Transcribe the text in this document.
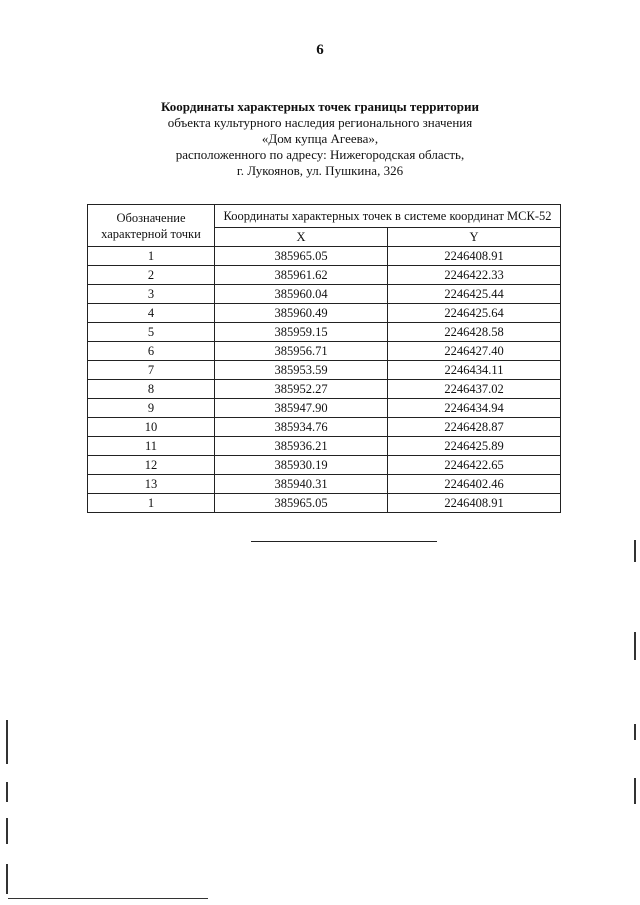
6
Координаты характерных точек границы территории
объекта культурного наследия регионального значения
«Дом купца Агеева»,
расположенного по адресу: Нижегородская область,
г. Лукоянов, ул. Пушкина, 326
Обозначение характерной точки	Координаты характерных точек в системе координат МСК-52	
	X	Y
1	385965.05	2246408.91
2	385961.62	2246422.33
3	385960.04	2246425.44
4	385960.49	2246425.64
5	385959.15	2246428.58
6	385956.71	2246427.40
7	385953.59	2246434.11
8	385952.27	2246437.02
9	385947.90	2246434.94
10	385934.76	2246428.87
11	385936.21	2246425.89
12	385930.19	2246422.65
13	385940.31	2246402.46
1	385965.05	2246408.91
